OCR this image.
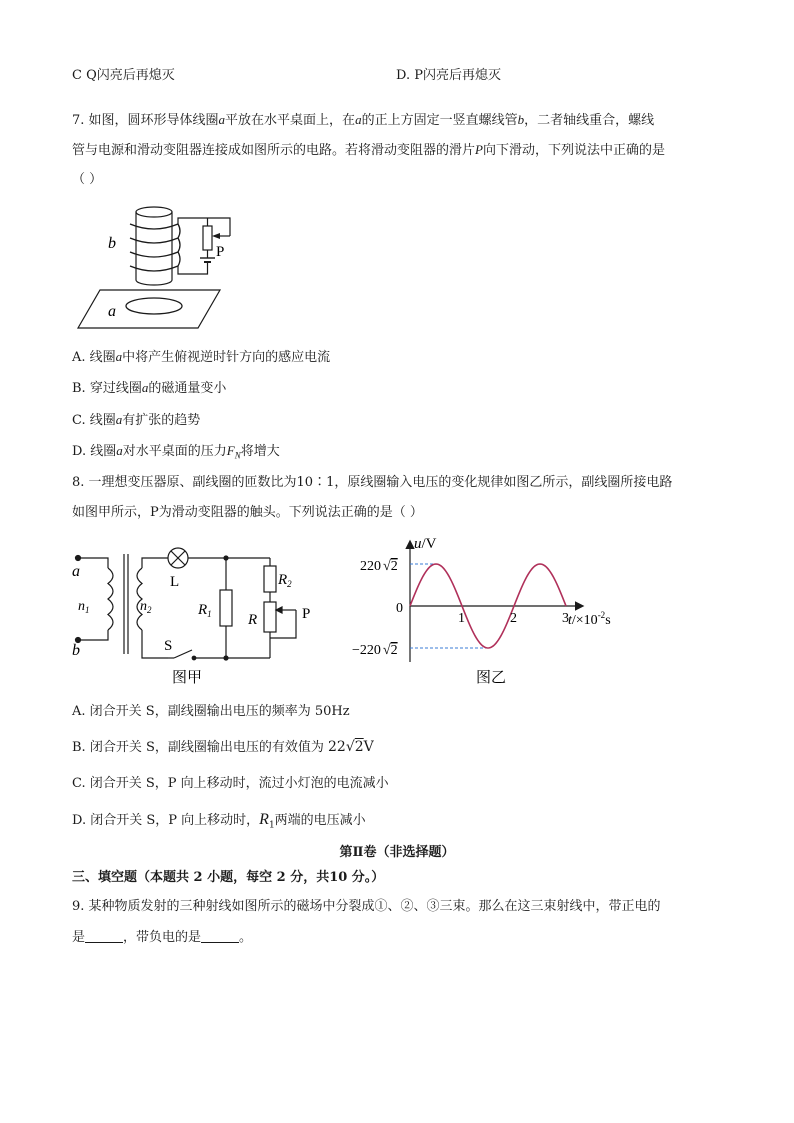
C Q闪亮后再熄灭	D. P闪亮后再熄灭
7. 如图，圆环形导体线圈a平放在水平桌面上，在a的正上方固定一竖直螺线管b，二者轴线重合，螺线
管与电源和滑动变阻器连接成如图所示的电路。若将滑动变阻器的滑片P向下滑动，下列说法中正确的是
（ ）
b	P
a
A. 线圈a中将产生俯视逆时针方向的感应电流
B. 穿过线圈a的磁通量变小
C. 线圈a有扩张的趋势
D. 线圈a对水平桌面的压力$F_N$将增大
8. 一理想变压器原、副线圈的匝数比为10∶1，原线圈输入电压的变化规律如图乙所示，副线圈所接电路
如图甲所示，P为滑动变阻器的触头。下列说法正确的是（ ）
a
b
$n_1$	$n_2$
L
S
$R_1$
$R_2$
R	P
图甲
u/V
220 √2
0
−220 √2
1	2	3 $t/\times 10^{-2}s$
图乙
A. 闭合开关 S，副线圈输出电压的频率为 50Hz
B. 闭合开关 S，副线圈输出电压的有效值为 22√2V
C. 闭合开关 S，P 向上移动时，流过小灯泡的电流减小
D. 闭合开关 S，P 向上移动时，$R_1$两端的电压减小
第Ⅱ卷（非选择题）
三、填空题（本题共 2 小题，每空 2 分，共10 分。）
9. 某种物质发射的三种射线如图所示的磁场中分裂成①、②、③三束。那么在这三束射线中，带正电的
是	，带负电的是	。
